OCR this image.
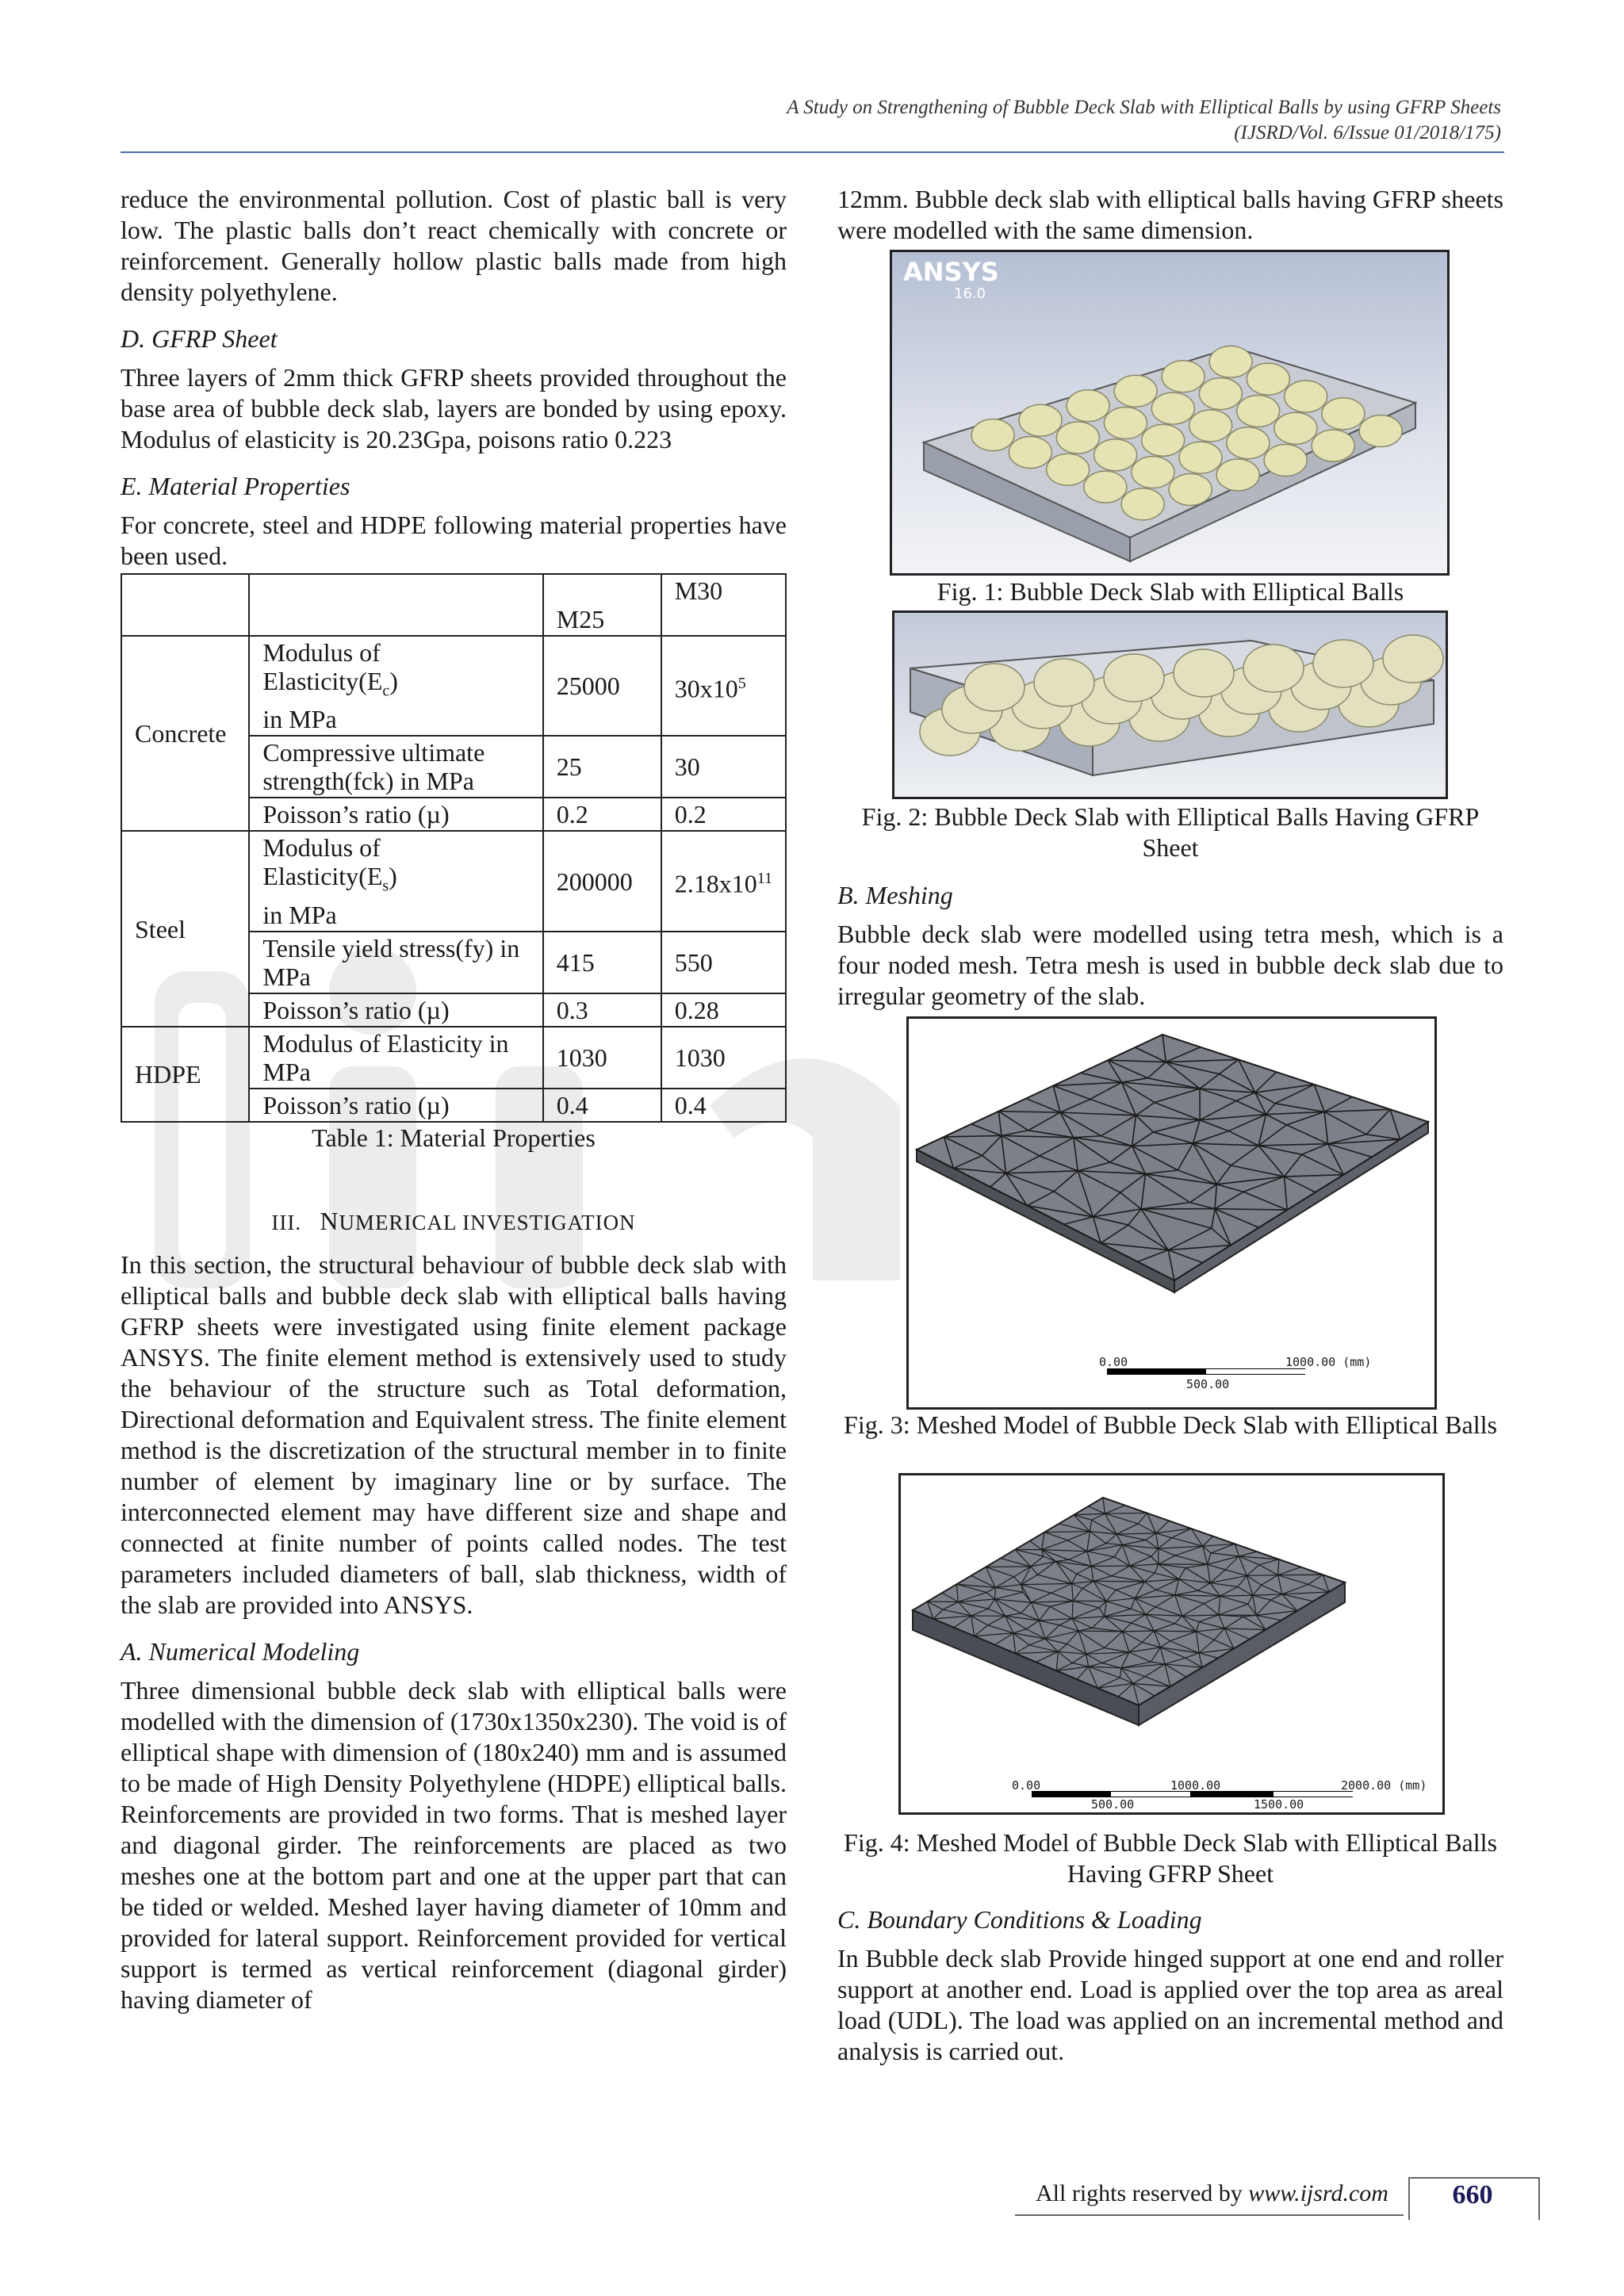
A Study on Strengthening of Bubble Deck Slab with Elliptical Balls by using GFRP Sheets
(IJSRD/Vol. 6/Issue 01/2018/175)

reduce the environmental pollution. Cost of plastic ball is very low. The plastic balls don’t react chemically with concrete or reinforcement. Generally hollow plastic balls made from high density polyethylene.

D. GFRP Sheet

Three layers of 2mm thick GFRP sheets provided throughout the base area of bubble deck slab, layers are bonded by using epoxy. Modulus of elasticity is 20.23Gpa, poisons ratio 0.223

E. Material Properties

For concrete, steel and HDPE following material properties have been used.

		M25	M30
Concrete	Modulus of
$Elasticity(E_c)$
in MPa	25000	$30x10^5$
	Compressive ultimate strength(fck) in MPa	25	30
	Poisson’s ratio (µ)	0.2	0.2
Steel	Modulus of
$Elasticity(E_s)$
in MPa	200000	$2.18x10^{11}$
	Tensile yield stress(fy) in MPa	415	550
	Poisson’s ratio (µ)	0.3	0.28
HDPE	Modulus of Elasticity in MPa	1030	1030
	Poisson’s ratio (µ)	0.4	0.4
Table 1: Material Properties
III. NUMERICAL INVESTIGATION

In this section, the structural behaviour of bubble deck slab with elliptical balls and bubble deck slab with elliptical balls having GFRP sheets were investigated using finite element package ANSYS. The finite element method is extensively used to study the behaviour of the structure such as Total deformation, Directional deformation and Equivalent stress. The finite element method is the discretization of the structural member in to finite number of element by imaginary line or by surface. The interconnected element may have different size and shape and connected at finite number of points called nodes. The test parameters included diameters of ball, slab thickness, width of the slab are provided into ANSYS.

A. Numerical Modeling

Three dimensional bubble deck slab with elliptical balls were modelled with the dimension of (1730x1350x230). The void is of elliptical shape with dimension of (180x240) mm and is assumed to be made of High Density Polyethylene (HDPE) elliptical balls. Reinforcements are provided in two forms. That is meshed layer and diagonal girder. The reinforcements are placed as two meshes one at the bottom part and one at the upper part that can be tided or welded. Meshed layer having diameter of 10mm and provided for lateral support. Reinforcement provided for vertical support is termed as vertical reinforcement (diagonal girder) having diameter of

12mm. Bubble deck slab with elliptical balls having GFRP sheets were modelled with the same dimension.

ANSYS
16.0
Fig. 1: Bubble Deck Slab with Elliptical Balls
Fig. 2: Bubble Deck Slab with Elliptical Balls Having GFRP Sheet
B. Meshing

Bubble deck slab were modelled using tetra mesh, which is a four noded mesh. Tetra mesh is used in bubble deck slab due to irregular geometry of the slab.

0.00	1000.00 (mm)
500.00
Fig. 3: Meshed Model of Bubble Deck Slab with Elliptical Balls
0.00	1000.00	2000.00 (mm)
500.00	1500.00
Fig. 4: Meshed Model of Bubble Deck Slab with Elliptical Balls Having GFRP Sheet
C. Boundary Conditions & Loading

In Bubble deck slab Provide hinged support at one end and roller support at another end. Load is applied over the top area as areal load (UDL). The load was applied on an incremental method and analysis is carried out.

All rights reserved by www.ijsrd.com	660
